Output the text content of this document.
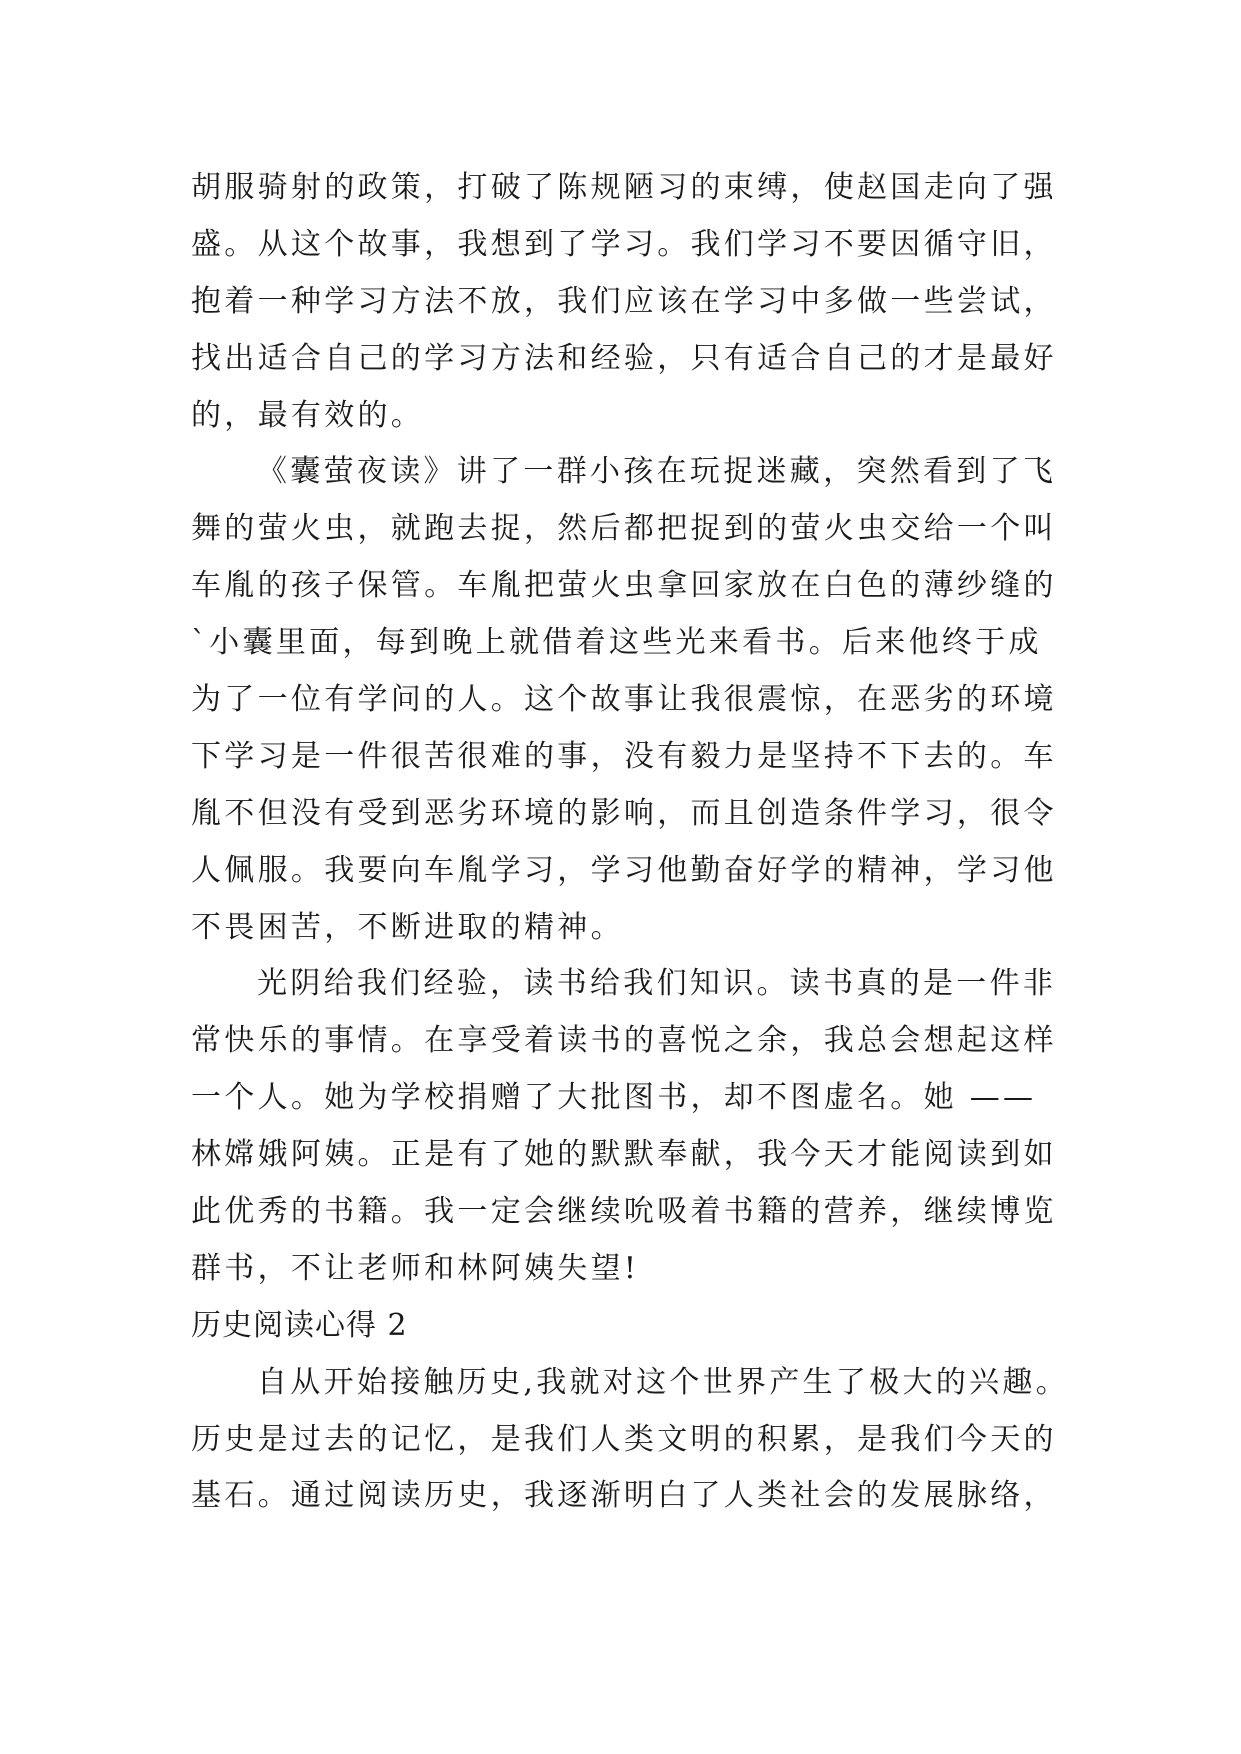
胡服骑射的政策，打破了陈规陋习的束缚，使赵国走向了强
盛。从这个故事，我想到了学习。我们学习不要因循守旧，
抱着一种学习方法不放，我们应该在学习中多做一些尝试，
找出适合自己的学习方法和经验，只有适合自己的才是最好
的，最有效的。
《囊萤夜读》讲了一群小孩在玩捉迷藏，突然看到了飞
舞的萤火虫，就跑去捉，然后都把捉到的萤火虫交给一个叫
车胤的孩子保管。车胤把萤火虫拿回家放在白色的薄纱缝的
`小囊里面，每到晚上就借着这些光来看书。后来他终于成
为了一位有学问的人。这个故事让我很震惊，在恶劣的环境
下学习是一件很苦很难的事，没有毅力是坚持不下去的。车
胤不但没有受到恶劣环境的影响，而且创造条件学习，很令
人佩服。我要向车胤学习，学习他勤奋好学的精神，学习他
不畏困苦，不断进取的精神。
光阴给我们经验，读书给我们知识。读书真的是一件非
常快乐的事情。在享受着读书的喜悦之余，我总会想起这样
一个人。她为学校捐赠了大批图书，却不图虚名。她 ——
林嫦娥阿姨。正是有了她的默默奉献，我今天才能阅读到如
此优秀的书籍。我一定会继续吮吸着书籍的营养，继续博览
群书，不让老师和林阿姨失望!
历史阅读心得 2
自从开始接触历史,我就对这个世界产生了极大的兴趣。
历史是过去的记忆，是我们人类文明的积累，是我们今天的
基石。通过阅读历史，我逐渐明白了人类社会的发展脉络，
